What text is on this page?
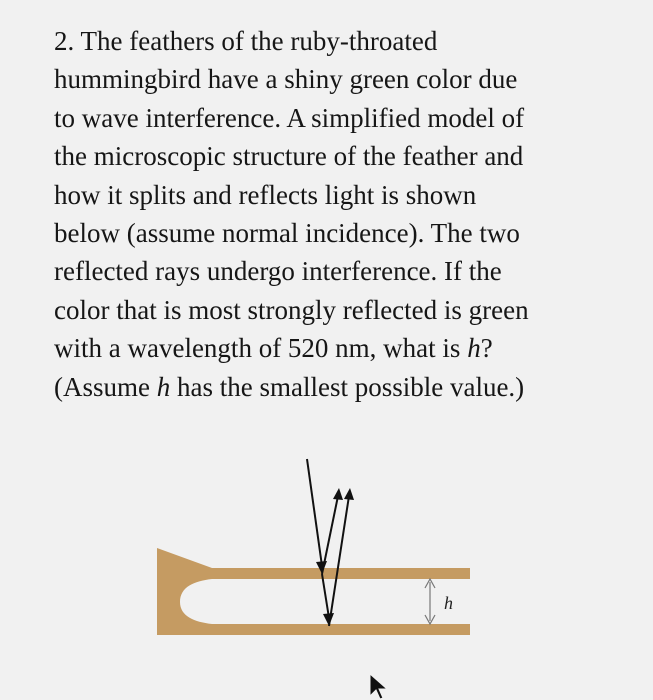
2. The feathers of the ruby-throated
hummingbird have a shiny green color due
to wave interference. A simplified model of
the microscopic structure of the feather and
how it splits and reflects light is shown
below (assume normal incidence). The two
reflected rays undergo interference. If the
color that is most strongly reflected is green
with a wavelength of 520 nm, what is h?
(Assume h has the smallest possible value.)
h
